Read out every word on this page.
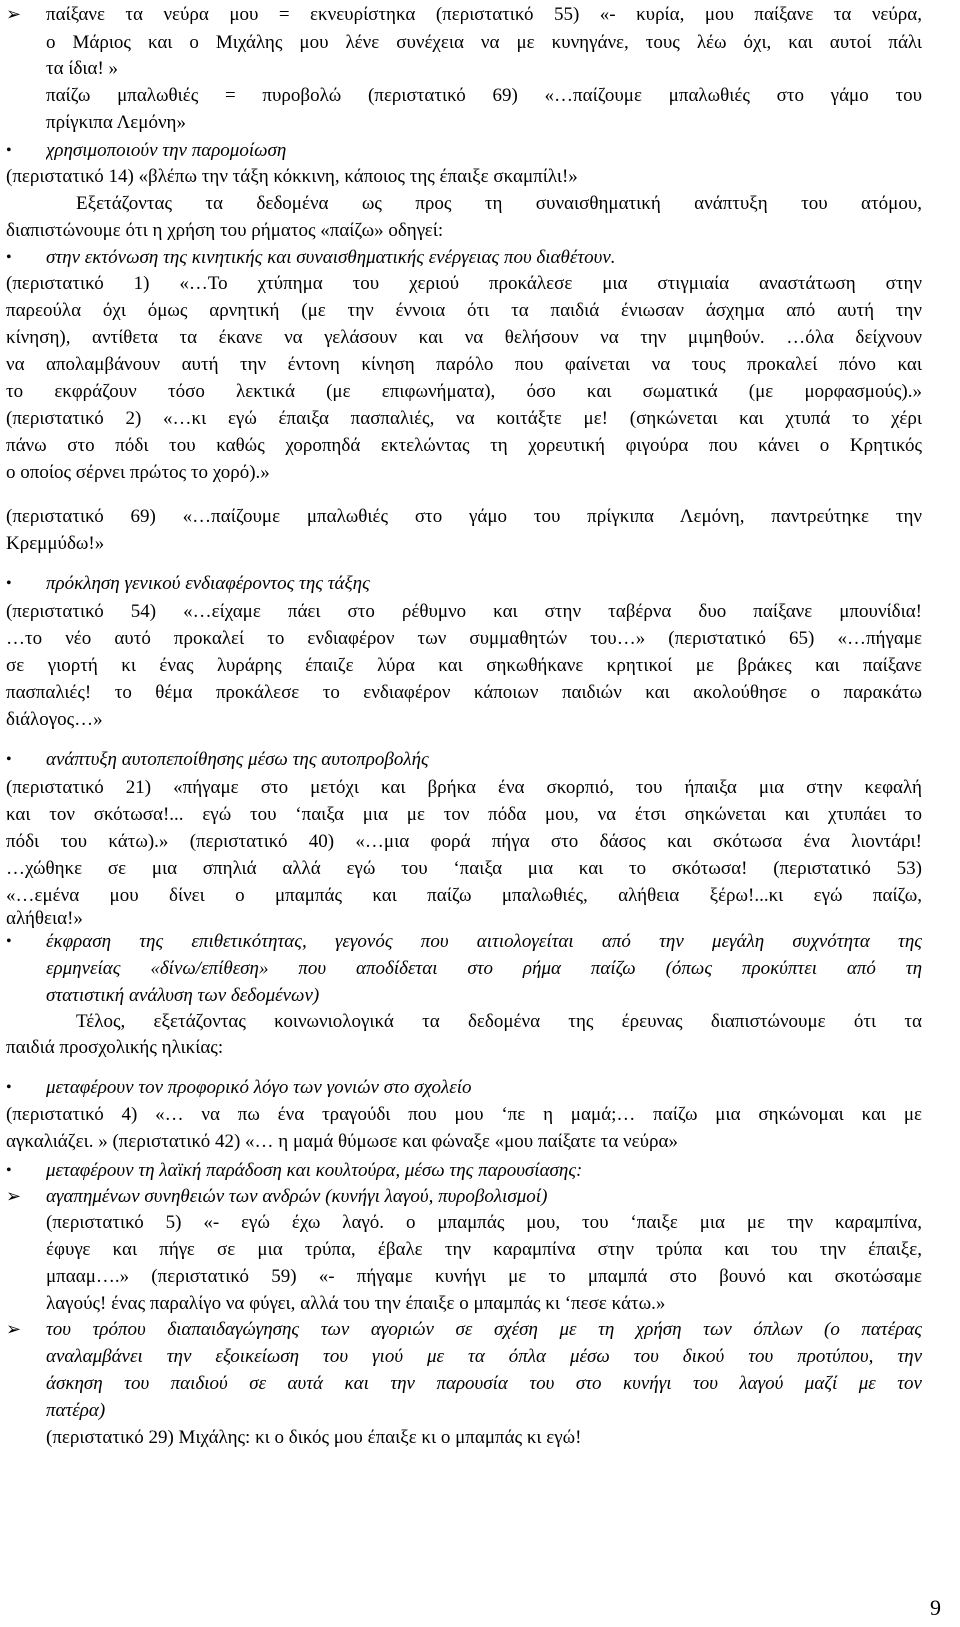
➢
•
•
•
•
•
•
•
➢
➢
παίξανε τα νεύρα μου = εκνευρίστηκα (περιστατικό 55) «- κυρία, μου παίξανε τα νεύρα,
ο Μάριος και ο Μιχάλης μου λένε συνέχεια να με κυνηγάνε, τους λέω όχι, και αυτοί πάλι
τα ίδια! »
παίζω μπαλωθιές = πυροβολώ (περιστατικό 69) «…παίζουμε μπαλωθιές στο γάμο του
πρίγκιπα Λεμόνη»
χρησιμοποιούν την παρομοίωση
(περιστατικό 14) «βλέπω την τάξη κόκκινη, κάποιος της έπαιξε σκαμπίλι!»
Εξετάζοντας τα δεδομένα ως προς τη συναισθηματική ανάπτυξη του ατόμου,
διαπιστώνουμε ότι η χρήση του ρήματος «παίζω» οδηγεί:
στην εκτόνωση της κινητικής και συναισθηματικής ενέργειας που διαθέτουν.
(περιστατικό 1) «…Το χτύπημα του χεριού προκάλεσε μια στιγμιαία αναστάτωση στην
παρεούλα όχι όμως αρνητική (με την έννοια ότι τα παιδιά ένιωσαν άσχημα από αυτή την
κίνηση), αντίθετα τα έκανε να γελάσουν και να θελήσουν να την μιμηθούν. …όλα δείχνουν
να απολαμβάνουν αυτή την έντονη κίνηση παρόλο που φαίνεται να τους προκαλεί πόνο και
το εκφράζουν τόσο λεκτικά (με επιφωνήματα), όσο και σωματικά (με μορφασμούς).»
(περιστατικό 2) «…κι εγώ έπαιξα πασπαλιές, να κοιτάξτε με! (σηκώνεται και χτυπά το χέρι
πάνω στο πόδι του καθώς χοροπηδά εκτελώντας τη χορευτική φιγούρα που κάνει ο Κρητικός
ο οποίος σέρνει πρώτος το χορό).»
(περιστατικό 69) «…παίζουμε μπαλωθιές στο γάμο του πρίγκιπα Λεμόνη, παντρεύτηκε την
Κρεμμύδω!»
πρόκληση γενικού ενδιαφέροντος της τάξης
(περιστατικό 54) «…είχαμε πάει στο ρέθυμνο και στην ταβέρνα δυο παίξανε μπουνίδια!
…το νέο αυτό προκαλεί το ενδιαφέρον των συμμαθητών του…» (περιστατικό 65) «…πήγαμε
σε γιορτή κι ένας λυράρης έπαιζε λύρα και σηκωθήκανε κρητικοί με βράκες και παίξανε
πασπαλιές! το θέμα προκάλεσε το ενδιαφέρον κάποιων παιδιών και ακολούθησε ο παρακάτω
διάλογος…»
ανάπτυξη αυτοπεποίθησης μέσω της αυτοπροβολής
(περιστατικό 21) «πήγαμε στο μετόχι και βρήκα ένα σκορπιό, του ήπαιξα μια στην κεφαλή
και τον σκότωσα!... εγώ του ‘παιξα μια με τον πόδα μου, να έτσι σηκώνεται και χτυπάει το
πόδι του κάτω).» (περιστατικό 40) «…μια φορά πήγα στο δάσος και σκότωσα ένα λιοντάρι!
…χώθηκε σε μια σπηλιά αλλά εγώ του ‘παιξα μια και το σκότωσα! (περιστατικό 53)
«…εμένα μου δίνει ο μπαμπάς και παίζω μπαλωθιές, αλήθεια ξέρω!...κι εγώ παίζω,
αλήθεια!»
έκφραση της επιθετικότητας, γεγονός που αιτιολογείται από την μεγάλη συχνότητα της
ερμηνείας «δίνω/επίθεση» που αποδίδεται στο ρήμα παίζω (όπως προκύπτει από τη
στατιστική ανάλυση των δεδομένων)
Τέλος, εξετάζοντας κοινωνιολογικά τα δεδομένα της έρευνας διαπιστώνουμε ότι τα
παιδιά προσχολικής ηλικίας:
μεταφέρουν τον προφορικό λόγο των γονιών στο σχολείο
(περιστατικό 4) «… να πω ένα τραγούδι που μου ‘πε η μαμά;… παίζω μια σηκώνομαι και με
αγκαλιάζει. » (περιστατικό 42) «… η μαμά θύμωσε και φώναξε «μου παίξατε τα νεύρα»
μεταφέρουν τη λαϊκή παράδοση και κουλτούρα, μέσω της παρουσίασης:
αγαπημένων συνηθειών των ανδρών (κυνήγι λαγού, πυροβολισμοί)
(περιστατικό 5) «- εγώ έχω λαγό. ο μπαμπάς μου, του ‘παιξε μια με την καραμπίνα,
έφυγε και πήγε σε μια τρύπα, έβαλε την καραμπίνα στην τρύπα και του την έπαιξε,
μπααμ….» (περιστατικό 59) «- πήγαμε κυνήγι με το μπαμπά στο βουνό και σκοτώσαμε
λαγούς! ένας παραλίγο να φύγει, αλλά του την έπαιξε ο μπαμπάς κι ‘πεσε κάτω.»
του τρόπου διαπαιδαγώγησης των αγοριών σε σχέση με τη χρήση των όπλων (ο πατέρας
αναλαμβάνει την εξοικείωση του γιού με τα όπλα μέσω του δικού του προτύπου, την
άσκηση του παιδιού σε αυτά και την παρουσία του στο κυνήγι του λαγού μαζί με τον
πατέρα)
(περιστατικό 29) Μιχάλης: κι ο δικός μου έπαιξε κι ο μπαμπάς κι εγώ!
9
